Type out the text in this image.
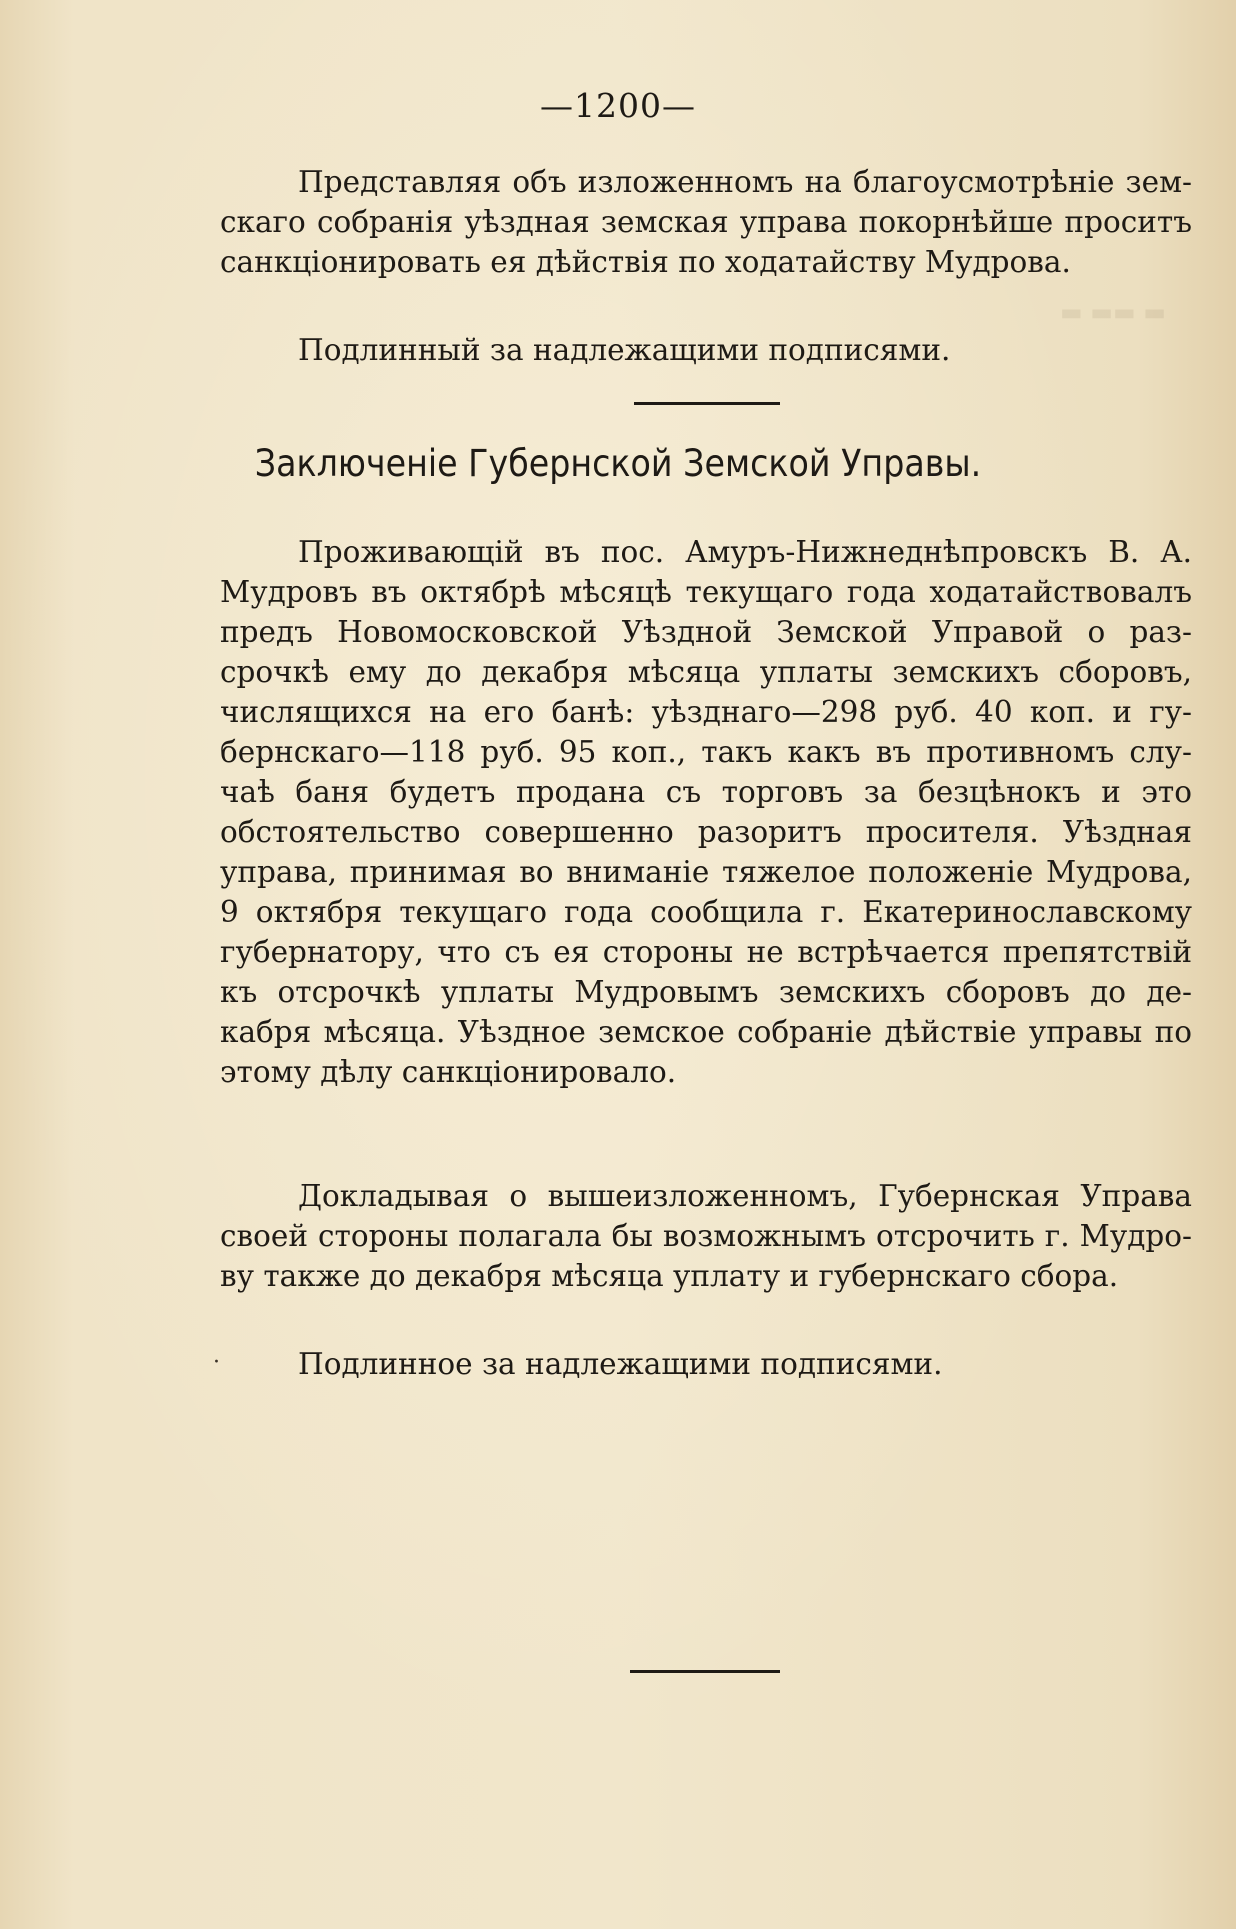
▬ ▬▬ ▬
—1200—
Представляя объ изложенномъ на благоусмотрѣніе зем-
скаго собранія уѣздная земская управа покорнѣйше проситъ
санкціонировать ея дѣйствія по ходатайству Мудрова.

Подлинный за надлежащими подписями.

Заключеніе Губернской Земской Управы.
Проживающій въ пос. Амуръ-Нижнеднѣпровскъ В. А.
Мудровъ въ октябрѣ мѣсяцѣ текущаго года ходатайствовалъ
предъ Новомосковской Уѣздной Земской Управой о раз-
срочкѣ ему до декабря мѣсяца уплаты земскихъ сборовъ,
числящихся на его банѣ: уѣзднаго—298 руб. 40 коп. и гу-
бернскаго—118 руб. 95 коп., такъ какъ въ противномъ слу-
чаѣ баня будетъ продана съ торговъ за безцѣнокъ и это
обстоятельство совершенно разоритъ просителя. Уѣздная
управа, принимая во вниманіе тяжелое положеніе Мудрова,
9 октября текущаго года сообщила г. Екатеринославскому
губернатору, что съ ея стороны не встрѣчается препятствій
къ отсрочкѣ уплаты Мудровымъ земскихъ сборовъ до де-
кабря мѣсяца. Уѣздное земское собраніе дѣйствіе управы по
этому дѣлу санкціонировало.
Докладывая о вышеизложенномъ, Губернская Управа
своей стороны полагала бы возможнымъ отсрочить г. Мудро-
ву также до декабря мѣсяца уплату и губернскаго сбора.
·	Подлинное за надлежащими подписями.
